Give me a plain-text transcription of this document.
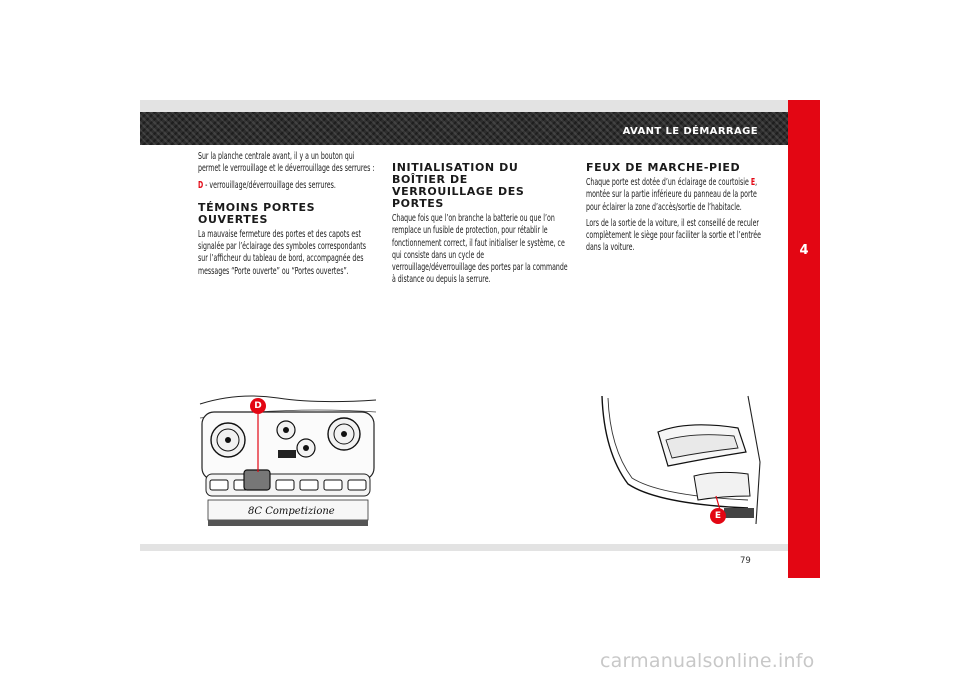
AVANT LE DÉMARRAGE
4
Sur la planche centrale avant, il y a un bouton qui permet le verrouillage et le déverrouillage des serrures :
D - verrouillage/déverrouillage des serrures.
TÉMOINS PORTES OUVERTES
La mauvaise fermeture des portes et des capots est signalée par l’éclairage des symboles correspondants sur l’afficheur du tableau de bord, accompagnée des messages “Porte ouverte” ou “Portes ouvertes”.
INITIALISATION DU BOÎTIER DE VERROUILLAGE DES PORTES
Chaque fois que l’on branche la batterie ou que l’on remplace un fusible de protection, pour rétablir le fonctionnement correct, il faut initialiser le système, ce qui consiste dans un cycle de verrouillage/déverrouillage des portes par la commande à distance ou depuis la serrure.
FEUX DE MARCHE-PIED
Chaque porte est dotée d’un éclairage de courtoisie E, montée sur la partie inférieure du panneau de la porte pour éclairer la zone d’accès/sortie de l’habitacle.
Lors de la sortie de la voiture, il est conseillé de reculer complètement le siège pour faciliter la sortie et l’entrée dans la voiture.
8C Competizione
D
E
79
carmanualsonline.info
